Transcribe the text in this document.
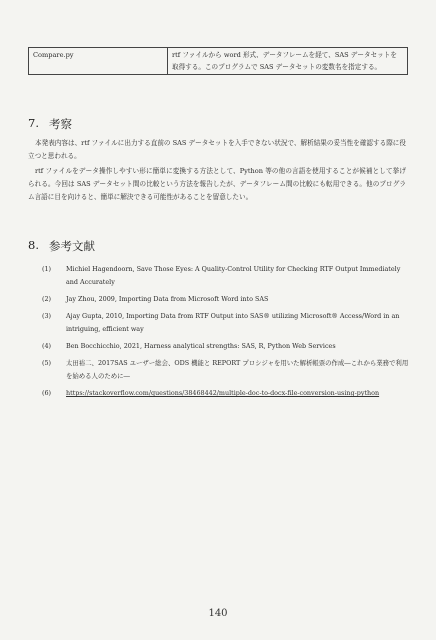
Compare.py	rtf ファイルから word 形式、データフレームを経て、SAS データセットを取得する。このプログラムで SAS データセットの変数名を指定する。
7. 考察

本発表内容は、rtf ファイルに出力する直前の SAS データセットを入手できない状況で、解析結果の妥当性を確認する際に役立つと思われる。

rtf ファイルをデータ操作しやすい形に簡単に変換する方法として、Python 等の他の言語を使用することが候補として挙げられる。今回は SAS データセット間の比較という方法を報告したが、データフレーム間の比較にも転用できる。他のプログラム言語に目を向けると、簡単に解決できる可能性があることを留意したい。

8. 参考文献
(1)	Michiel Hagendoorn, Save Those Eyes: A Quality-Control Utility for Checking RTF Output Immediately and Accurately
(2)	Jay Zhou, 2009, Importing Data from Microsoft Word into SAS
(3)	Ajay Gupta, 2010, Importing Data from RTF Output into SAS® utilizing Microsoft® Access/Word in an intriguing, efficient way
(4)	Ben Bocchicchio, 2021, Harness analytical strengths: SAS, R, Python Web Services
(5)	太田裕二、2017SAS ユーザー総会、ODS 機能と REPORT プロシジャを用いた解析帳票の作成―これから業務で利用を始める人のために―
(6)	https://stackoverflow.com/questions/38468442/multiple-doc-to-docx-file-conversion-using-python
140
